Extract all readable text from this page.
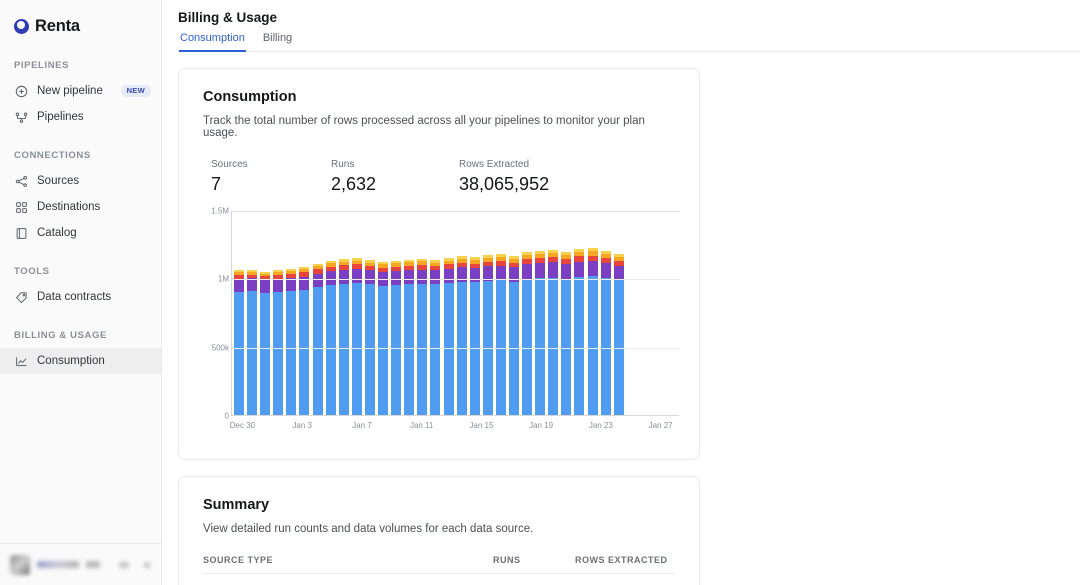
Renta
PIPELINES
New pipeline	NEW
Pipelines
CONNECTIONS
Sources
Destinations
Catalog
TOOLS
Data contracts
BILLING & USAGE
Consumption
Billing & Usage
Consumption Billing
Consumption
Track the total number of rows processed across all your pipelines to monitor your plan usage.
Sources
7
Runs
2,632
Rows Extracted
38,065,952
0
500k
1M
1.5M
Dec 30	Jan 3	Jan 7	Jan 11	Jan 15	Jan 19	Jan 23	Jan 27
Summary
View detailed run counts and data volumes for each data source.
SOURCE TYPE	RUNS	ROWS EXTRACTED
